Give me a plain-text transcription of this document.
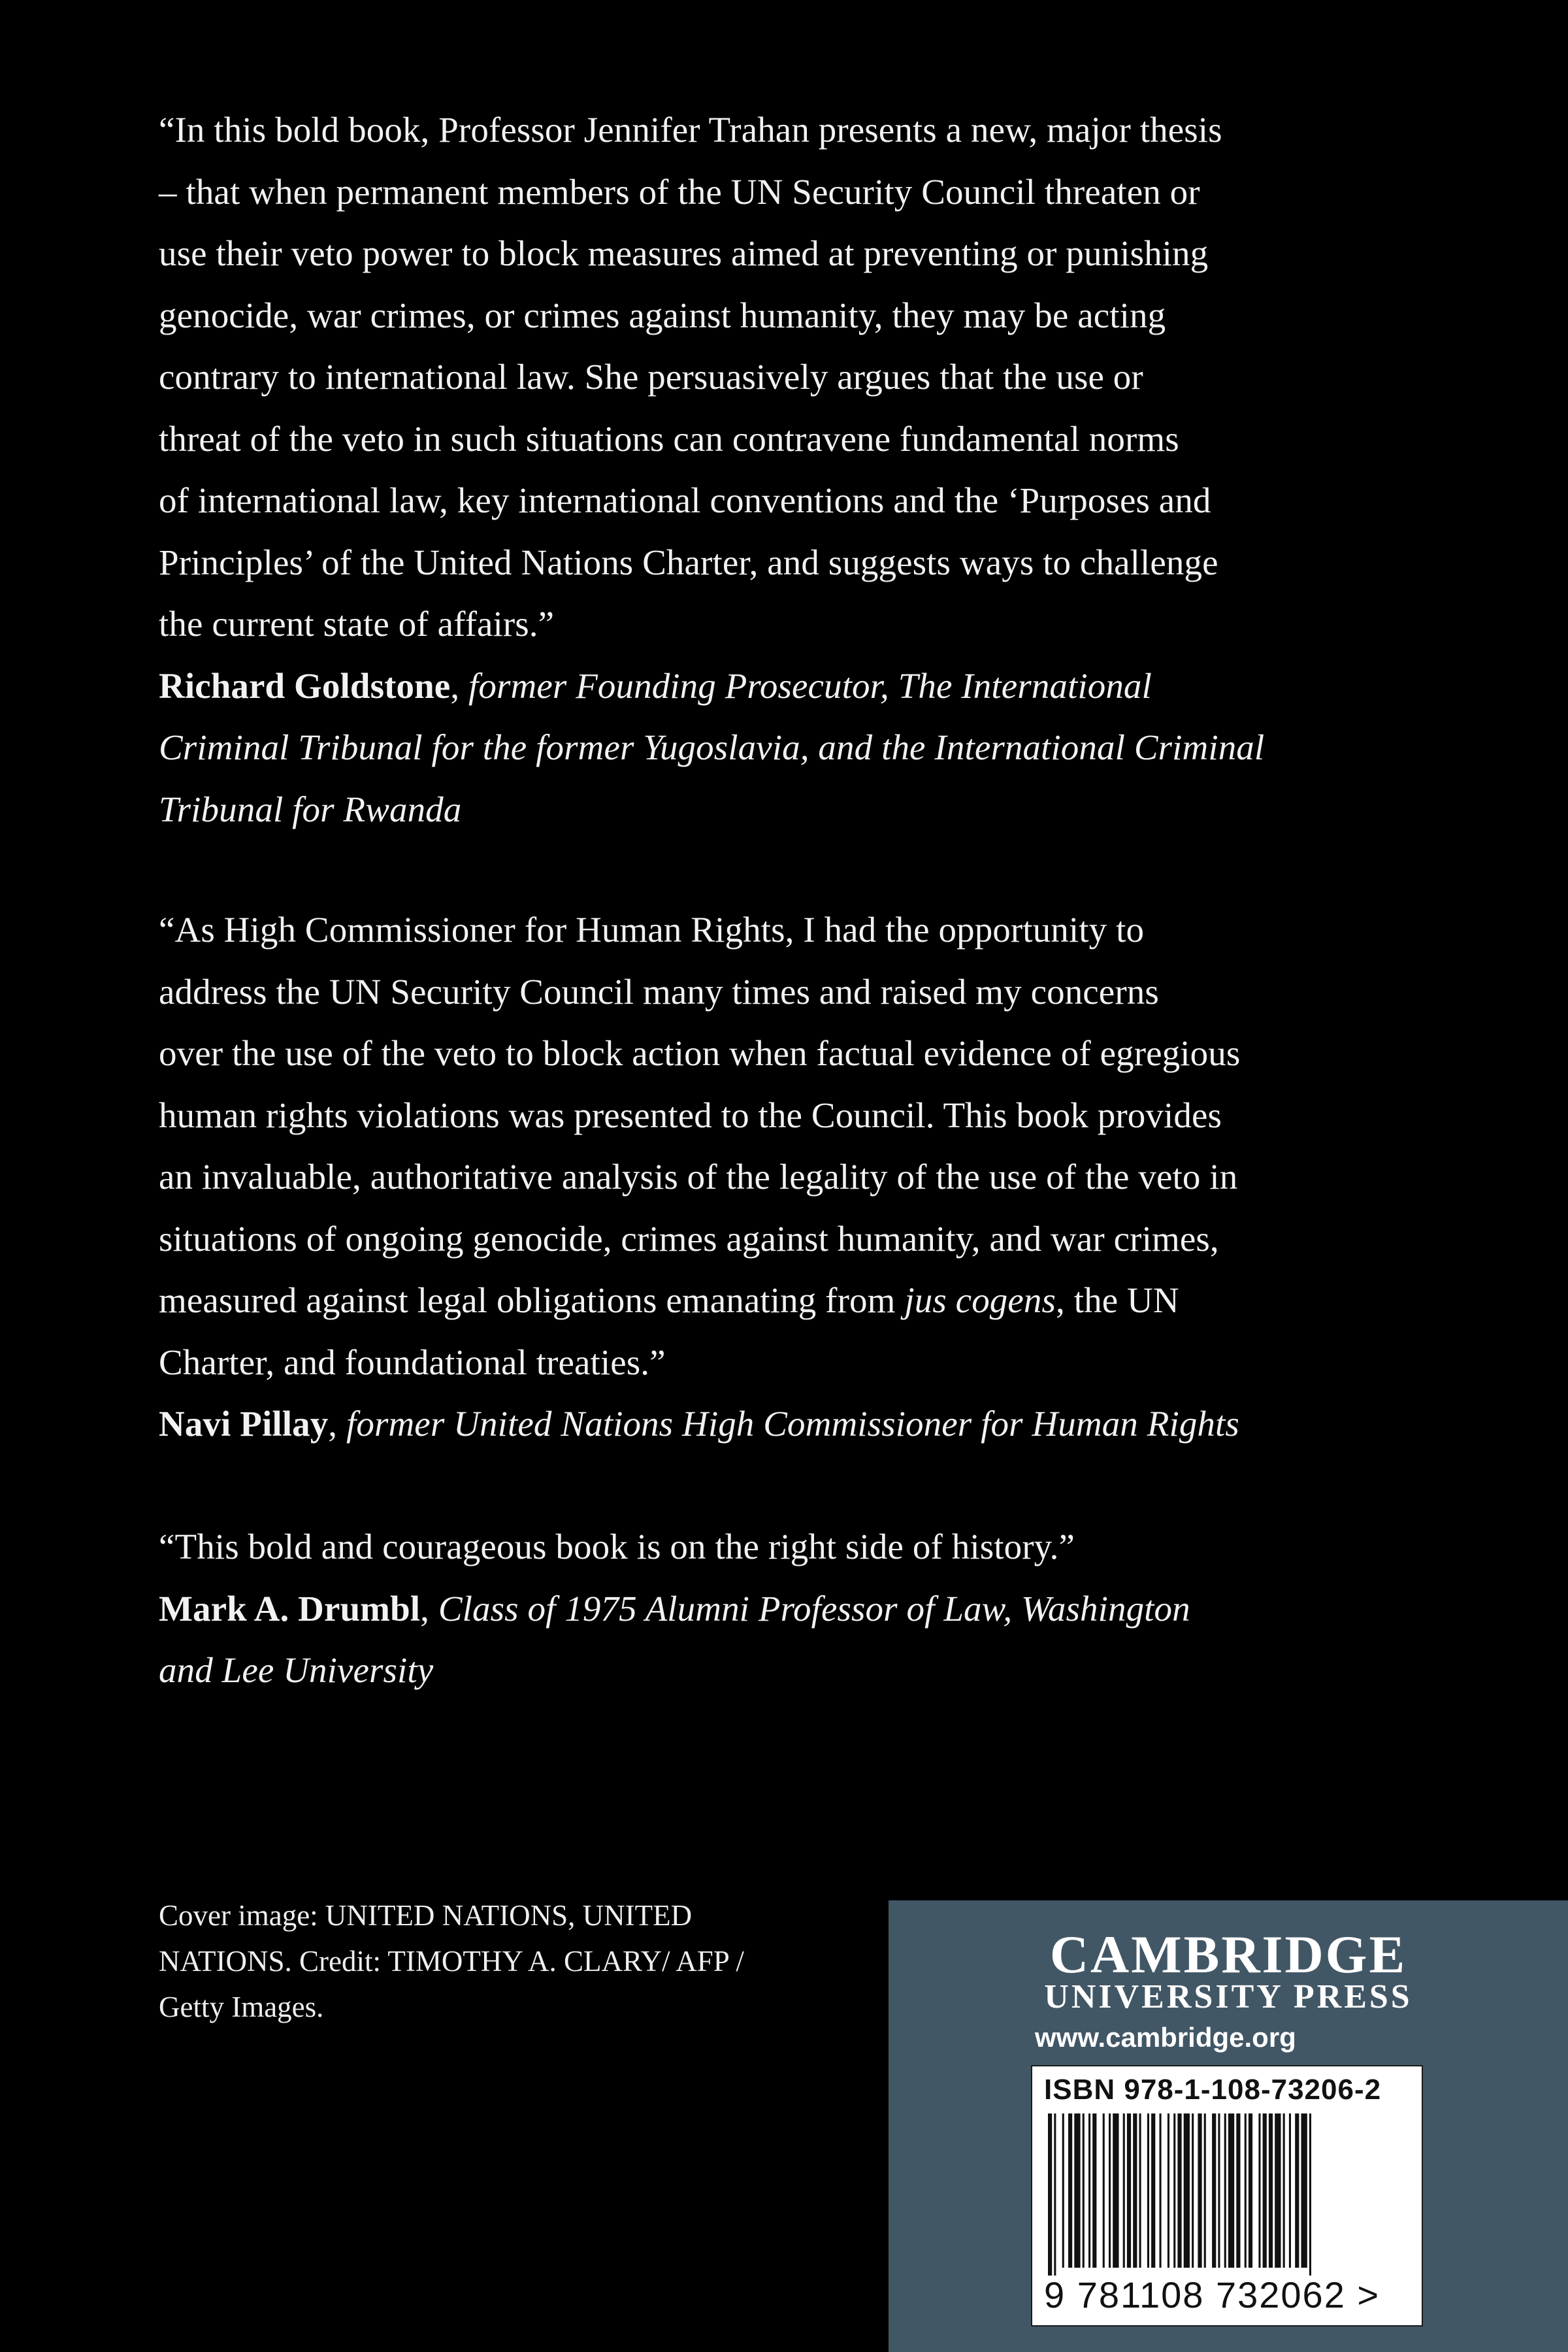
“In this bold book, Professor Jennifer Trahan presents a new, major thesis
– that when permanent members of the UN Security Council threaten or
use their veto power to block measures aimed at preventing or punishing
genocide, war crimes, or crimes against humanity, they may be acting
contrary to international law. She persuasively argues that the use or
threat of the veto in such situations can contravene fundamental norms
of international law, key international conventions and the ‘Purposes and
Principles’ of the United Nations Charter, and suggests ways to challenge
the current state of affairs.”

Richard Goldstone, former Founding Prosecutor, The International
Criminal Tribunal for the former Yugoslavia, and the International Criminal
Tribunal for Rwanda

“As High Commissioner for Human Rights, I had the opportunity to
address the UN Security Council many times and raised my concerns
over the use of the veto to block action when factual evidence of egregious
human rights violations was presented to the Council. This book provides
an invaluable, authoritative analysis of the legality of the use of the veto in
situations of ongoing genocide, crimes against humanity, and war crimes,
measured against legal obligations emanating from jus cogens, the UN
Charter, and foundational treaties.”

Navi Pillay, former United Nations High Commissioner for Human Rights

“This bold and courageous book is on the right side of history.”

Mark A. Drumbl, Class of 1975 Alumni Professor of Law, Washington
and Lee University

Cover image: UNITED NATIONS, UNITED
NATIONS. Credit: TIMOTHY A. CLARY/ AFP /
Getty Images.
CAMBRIDGE
UNIVERSITY PRESS
www.cambridge.org
ISBN 978-1-108-73206-2
9 781108 732062 >
